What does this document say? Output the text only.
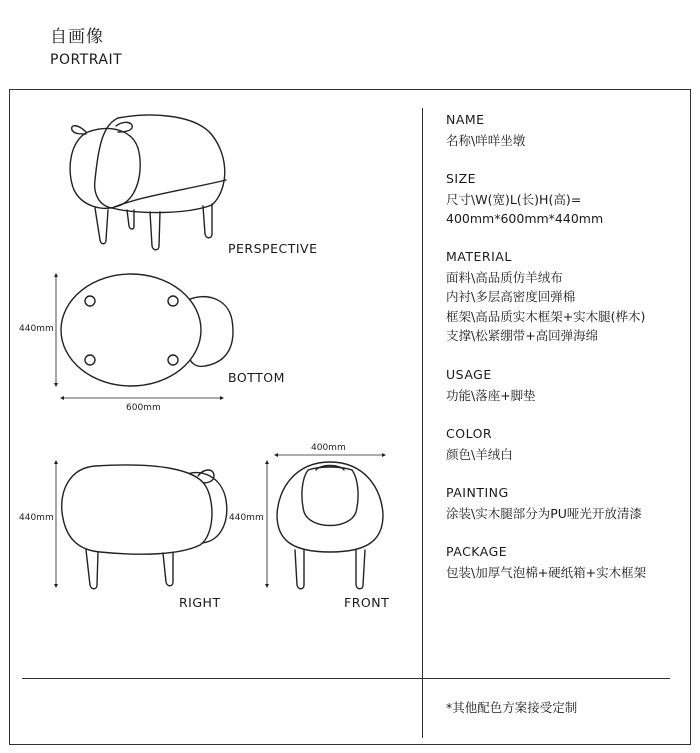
自画像
PORTRAIT
PERSPECTIVE
BOTTOM
RIGHT	FRONT
440mm
600mm
440mm	440mm
400mm
NAME
名称\咩咩坐墩
SIZE
尺寸\W(宽)L(长)H(高)=
400mm*600mm*440mm
MATERIAL
面料\高品质仿羊绒布
内衬\多层高密度回弹棉
框架\高品质实木框架+实木腿(桦木)
支撑\松紧绷带+高回弹海绵
USAGE
功能\落座+脚垫
COLOR
颜色\羊绒白
PAINTING
涂装\实木腿部分为PU哑光开放清漆
PACKAGE
包装\加厚气泡棉+硬纸箱+实木框架
*其他配色方案接受定制
